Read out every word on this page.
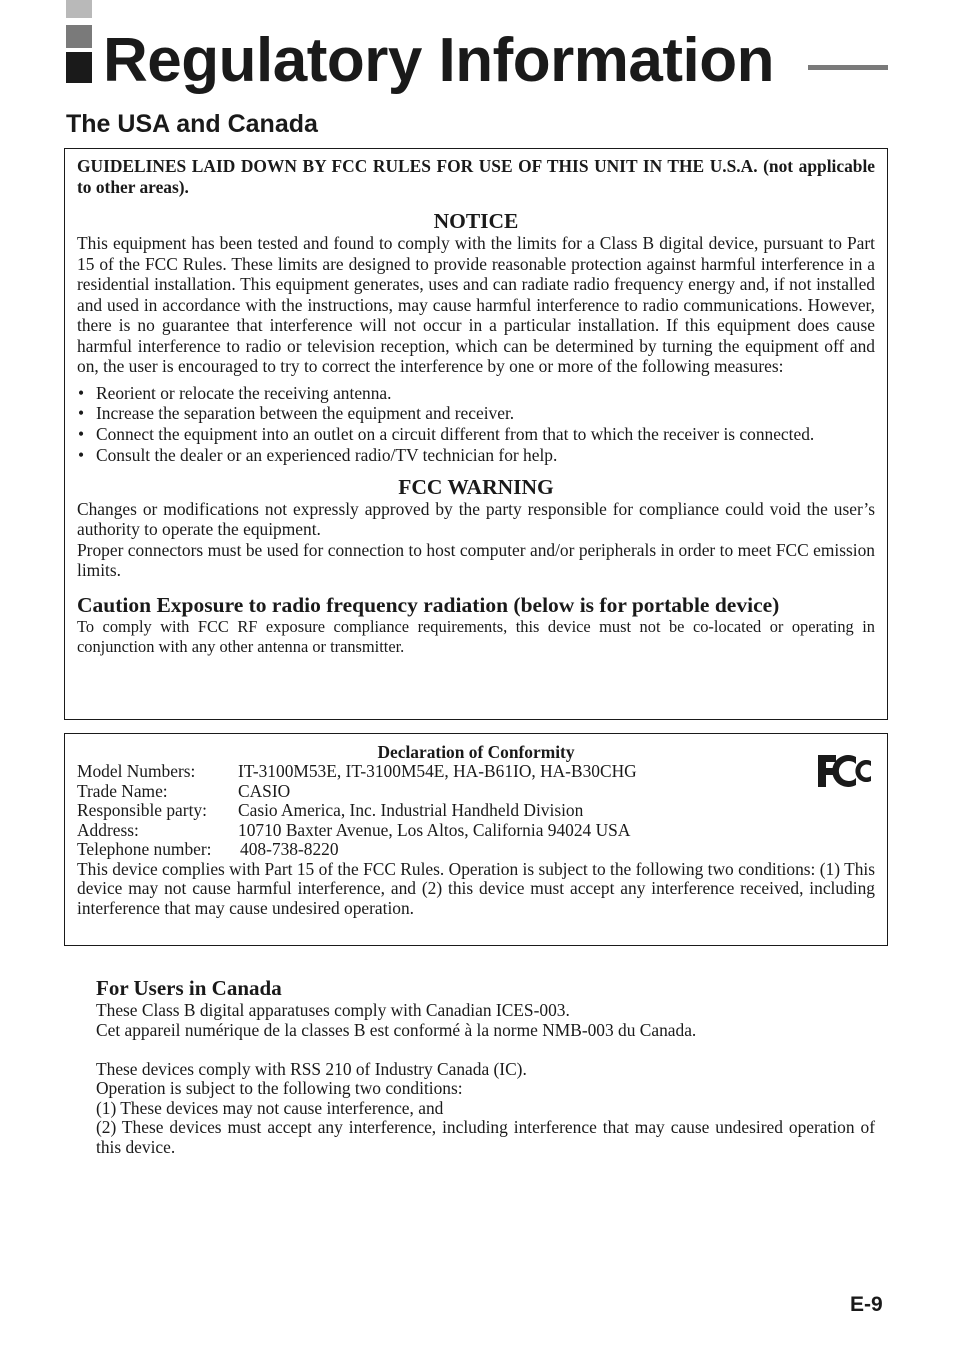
Regulatory Information
The USA and Canada

GUIDELINES LAID DOWN BY FCC RULES FOR USE OF THIS UNIT IN THE U.S.A. (not applicable to other areas).

NOTICE

This equipment has been tested and found to comply with the limits for a Class B digital device, pursuant to Part 15 of the FCC Rules. These limits are designed to provide reasonable protection against harmful interference in a residential installation. This equipment generates, uses and can radiate radio frequency energy and, if not installed and used in accordance with the instructions, may cause harmful interference to radio communications. However, there is no guarantee that interference will not occur in a particular installation. If this equipment does cause harmful interference to radio or television reception, which can be determined by turning the equipment off and on, the user is encouraged to try to correct the interference by one or more of the following measures:

• Reorient or relocate the receiving antenna.
• Increase the separation between the equipment and receiver.
• Connect the equipment into an outlet on a circuit different from that to which the receiver is connected.
• Consult the dealer or an experienced radio/TV technician for help.

FCC WARNING

Changes or modifications not expressly approved by the party responsible for compliance could void the user’s authority to operate the equipment.

Proper connectors must be used for connection to host computer and/or peripherals in order to meet FCC emission limits.

Caution Exposure to radio frequency radiation (below is for portable device)

To comply with FCC RF exposure compliance requirements, this device must not be co-located or operating in conjunction with any other antenna or transmitter.

Declaration of Conformity

Model Numbers: IT-3100M53E, IT-3100M54E, HA-B61IO, HA-B30CHG
Trade Name:	CASIO
Responsible party: Casio America, Inc. Industrial Handheld Division
Address:	10710 Baxter Avenue, Los Altos, California 94024 USA
Telephone number: 408-738-8220

This device complies with Part 15 of the FCC Rules. Operation is subject to the following two conditions: (1) This device may not cause harmful interference, and (2) this device must accept any interference received, including interference that may cause undesired operation.

For Users in Canada

These Class B digital apparatuses comply with Canadian ICES-003.

Cet appareil numérique de la classes B est conformé à la norme NMB-003 du Canada.

These devices comply with RSS 210 of Industry Canada (IC).

Operation is subject to the following two conditions:

(1) These devices may not cause interference, and

(2) These devices must accept any interference, including interference that may cause undesired operation of this device.

E-9
